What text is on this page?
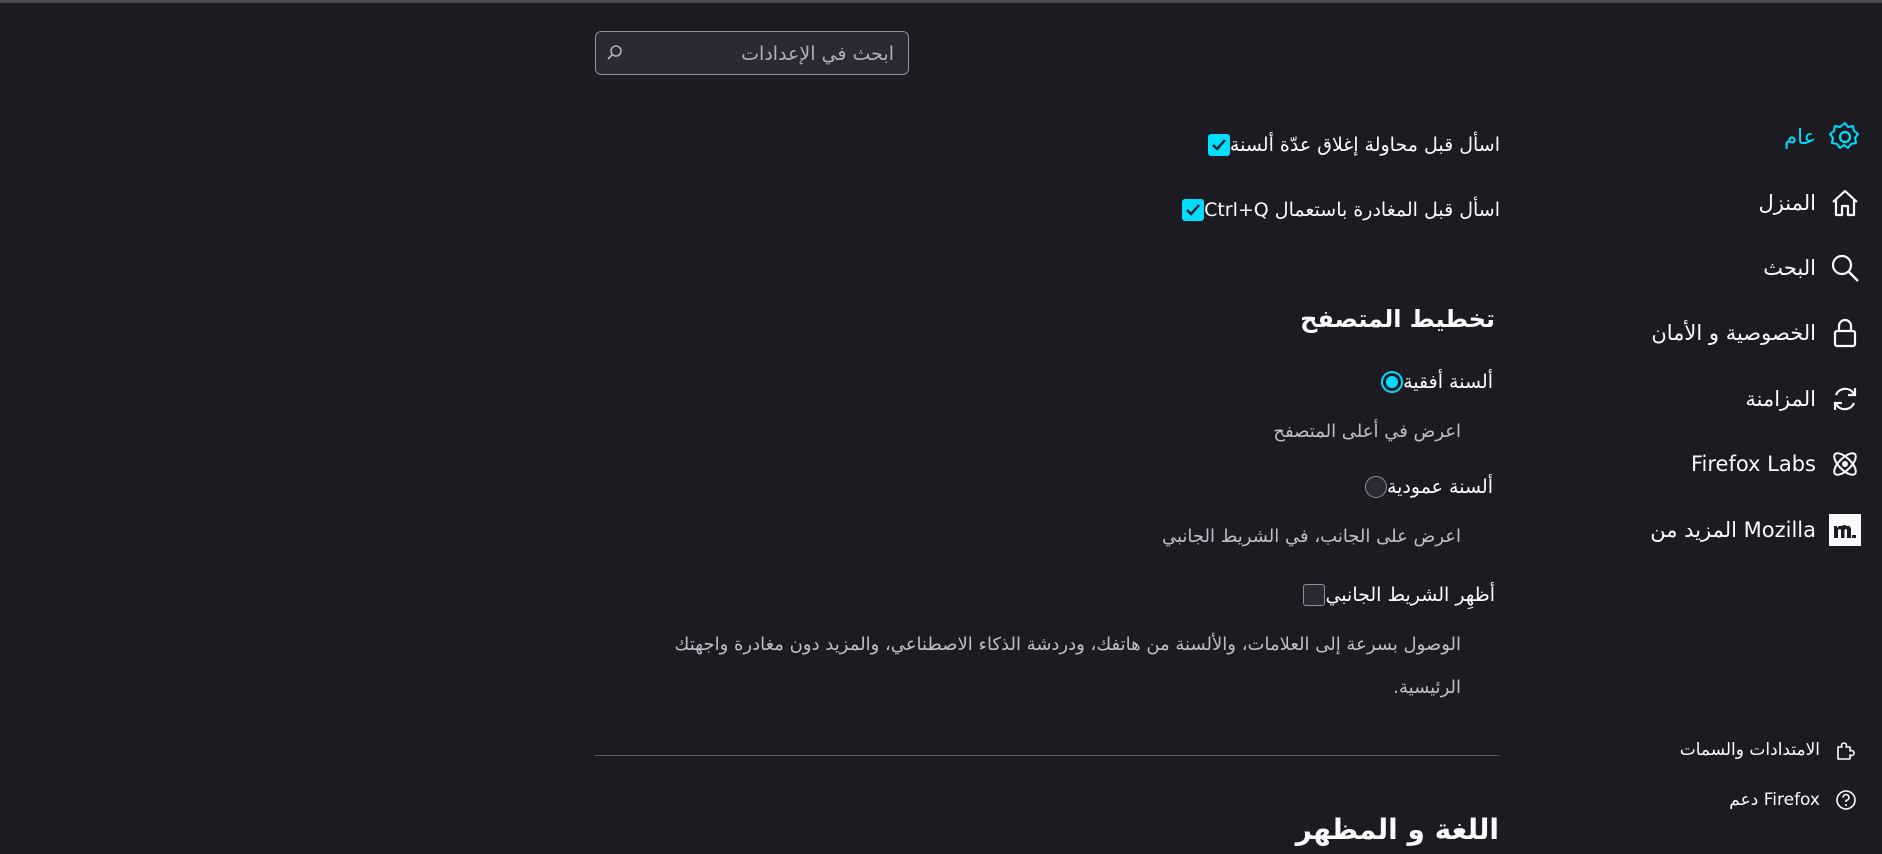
ابحث في الإعدادات
عام
المنزل
البحث
الخصوصية و الأمان
المزامنة
Firefox Labs
المزيد من Mozilla
الامتدادات والسمات
دعم Firefox
اسأل قبل محاولة إغلاق عدّة ألسنة
اسأل قبل المغادرة باستعمال Ctrl+Q
تخطيط المتصفح
ألسنة أفقية
اعرض في أعلى المتصفح
ألسنة عمودية
اعرض على الجانب، في الشريط الجانبي
أظهِر الشريط الجانبي
الوصول بسرعة إلى العلامات، والألسنة من هاتفك، ودردشة الذكاء الاصطناعي، والمزيد دون مغادرة واجهتك
الرئيسية.
اللغة و المظهر
